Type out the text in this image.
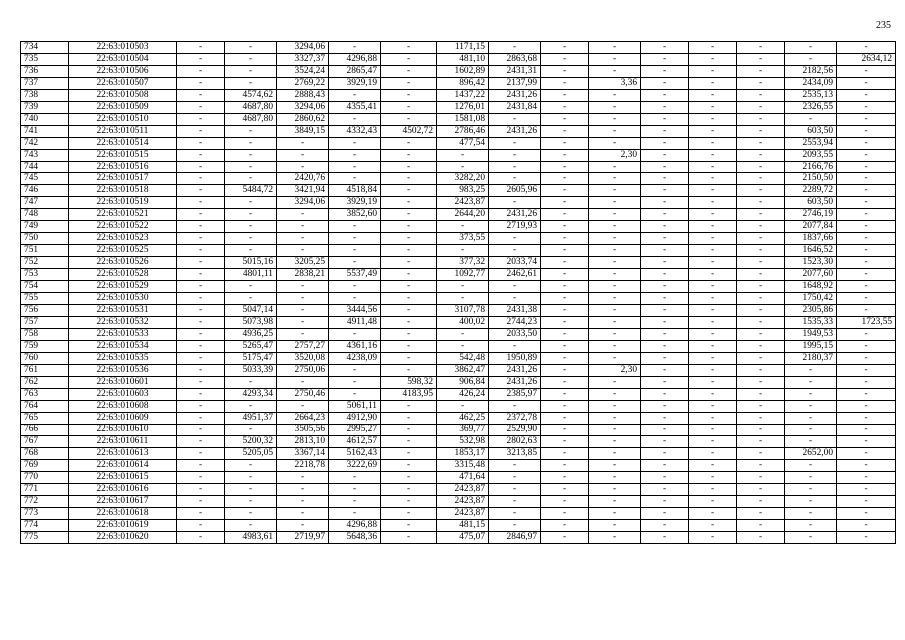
235
734	22:63:010503	-	-	3294,06	-	-	1171,15	-	-	-	-	-	-	-	-
735	22:63:010504	-	-	3327,37	4296,88	-	481,10	2863,68	-	-	-	-	-	-	2634,12
736	22:63:010506	-	-	3524,24	2865,47	-	1602,89	2431,31	-	-	-	-	-	2182,56	-
737	22:63:010507	-	-	2769,22	3929,19	-	896,42	2137,99	-	3,36	-	-	-	2434,09	-
738	22:63:010508	-	4574,62	2888,43	-	-	1437,22	2431,26	-	-	-	-	-	2535,13	-
739	22:63:010509	-	4687,80	3294,06	4355,41	-	1276,01	2431,84	-	-	-	-	-	2326,55	-
740	22:63:010510	-	4687,80	2860,62	-	-	1581,08	-	-	-	-	-	-	-	-
741	22:63:010511	-	-	3849,15	4332,43	4502,72	2786,46	2431,26	-	-	-	-	-	603,50	-
742	22:63:010514	-	-	-	-	-	477,54	-	-	-	-	-	-	2553,94	-
743	22:63:010515	-	-	-	-	-	-	-	-	2,30	-	-	-	2093,55	-
744	22:63:010516	-	-	-	-	-	-	-	-	-	-	-	-	2166,76	-
745	22:63:010517	-	-	2420,76	-	-	3282,20	-	-	-	-	-	-	2150,50	-
746	22:63:010518	-	5484,72	3421,94	4518,84	-	983,25	2605,96	-	-	-	-	-	2289,72	-
747	22:63:010519	-	-	3294,06	3929,19	-	2423,87	-	-	-	-	-	-	603,50	-
748	22:63:010521	-	-	-	3852,60	-	2644,20	2431,26	-	-	-	-	-	2746,19	-
749	22:63:010522	-	-	-	-	-	-	2719,93	-	-	-	-	-	2077,84	-
750	22:63:010523	-	-	-	-	-	373,55	-	-	-	-	-	-	1837,66	-
751	22:63:010525	-	-	-	-	-	-	-	-	-	-	-	-	1646,52	-
752	22:63:010526	-	5015,16	3205,25	-	-	377,32	2033,74	-	-	-	-	-	1523,30	-
753	22:63:010528	-	4801,11	2838,21	5537,49	-	1092,77	2462,61	-	-	-	-	-	2077,60	-
754	22:63:010529	-	-	-	-	-	-	-	-	-	-	-	-	1648,92	-
755	22:63:010530	-	-	-	-	-	-	-	-	-	-	-	-	1750,42	-
756	22:63:010531	-	5047,14	-	3444,56	-	3107,78	2431,38	-	-	-	-	-	2305,86	-
757	22:63:010532	-	5073,98	-	4911,48	-	400,02	2744,23	-	-	-	-	-	1535,33	1723,55
758	22:63:010533	-	4936,25	-	-	-	-	2033,50	-	-	-	-	-	1949,53	-
759	22:63:010534	-	5265,47	2757,27	4361,16	-	-	-	-	-	-	-	-	1995,15	-
760	22:63:010535	-	5175,47	3520,08	4238,09	-	542,48	1950,89	-	-	-	-	-	2180,37	-
761	22:63:010536	-	5033,39	2750,06	-	-	3862,47	2431,26	-	2,30	-	-	-	-	-
762	22:63:010601	-	-	-	-	598,32	906,84	2431,26	-	-	-	-	-	-	-
763	22:63:010603	-	4293,34	2750,46	-	4183,95	426,24	2385,97	-	-	-	-	-	-	-
764	22:63:010608	-	-	-	5061,11	-	-	-	-	-	-	-	-	-	-
765	22:63:010609	-	4951,37	2664,23	4912,90	-	462,25	2372,78	-	-	-	-	-	-	-
766	22:63:010610	-	-	3505,56	2995,27	-	369,77	2529,90	-	-	-	-	-	-	-
767	22:63:010611	-	5200,32	2813,10	4612,57	-	532,98	2802,63	-	-	-	-	-	-	-
768	22:63:010613	-	5205,05	3367,14	5162,43	-	1853,17	3213,85	-	-	-	-	-	2652,00	-
769	22:63:010614	-	-	2218,78	3222,69	-	3315,48	-	-	-	-	-	-	-	-
770	22:63:010615	-	-	-	-	-	471,64	-	-	-	-	-	-	-	-
771	22:63:010616	-	-	-	-	-	2423,87	-	-	-	-	-	-	-	-
772	22:63:010617	-	-	-	-	-	2423,87	-	-	-	-	-	-	-	-
773	22:63:010618	-	-	-	-	-	2423,87	-	-	-	-	-	-	-	-
774	22:63:010619	-	-	-	4296,88	-	481,15	-	-	-	-	-	-	-	-
775	22:63:010620	-	4983,61	2719,97	5648,36	-	475,07	2846,97	-	-	-	-	-	-	-
